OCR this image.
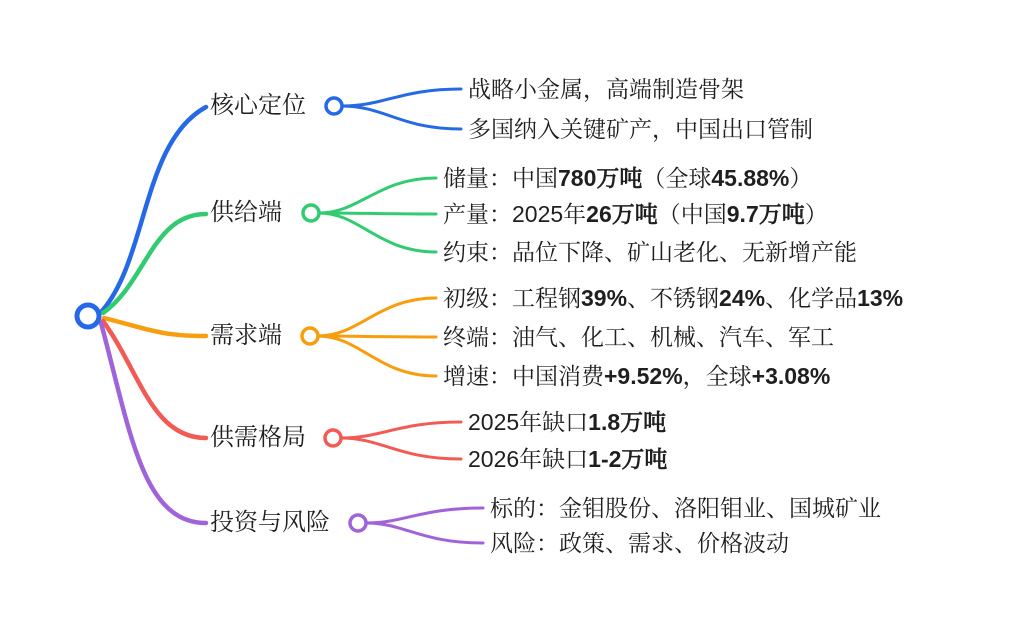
核心定位
供给端
需求端
供需格局
投资与风险
战略小金属，高端制造骨架
多国纳入关键矿产，中国出口管制
储量：中国780万吨（全球45.88%）
产量：2025年26万吨（中国9.7万吨）
约束：品位下降、矿山老化、无新增产能
初级：工程钢39%、不锈钢24%、化学品13%
终端：油气、化工、机械、汽车、军工
增速：中国消费+9.52%，全球+3.08%
2025年缺口1.8万吨
2026年缺口1-2万吨
标的：金钼股份、洛阳钼业、国城矿业
风险：政策、需求、价格波动
